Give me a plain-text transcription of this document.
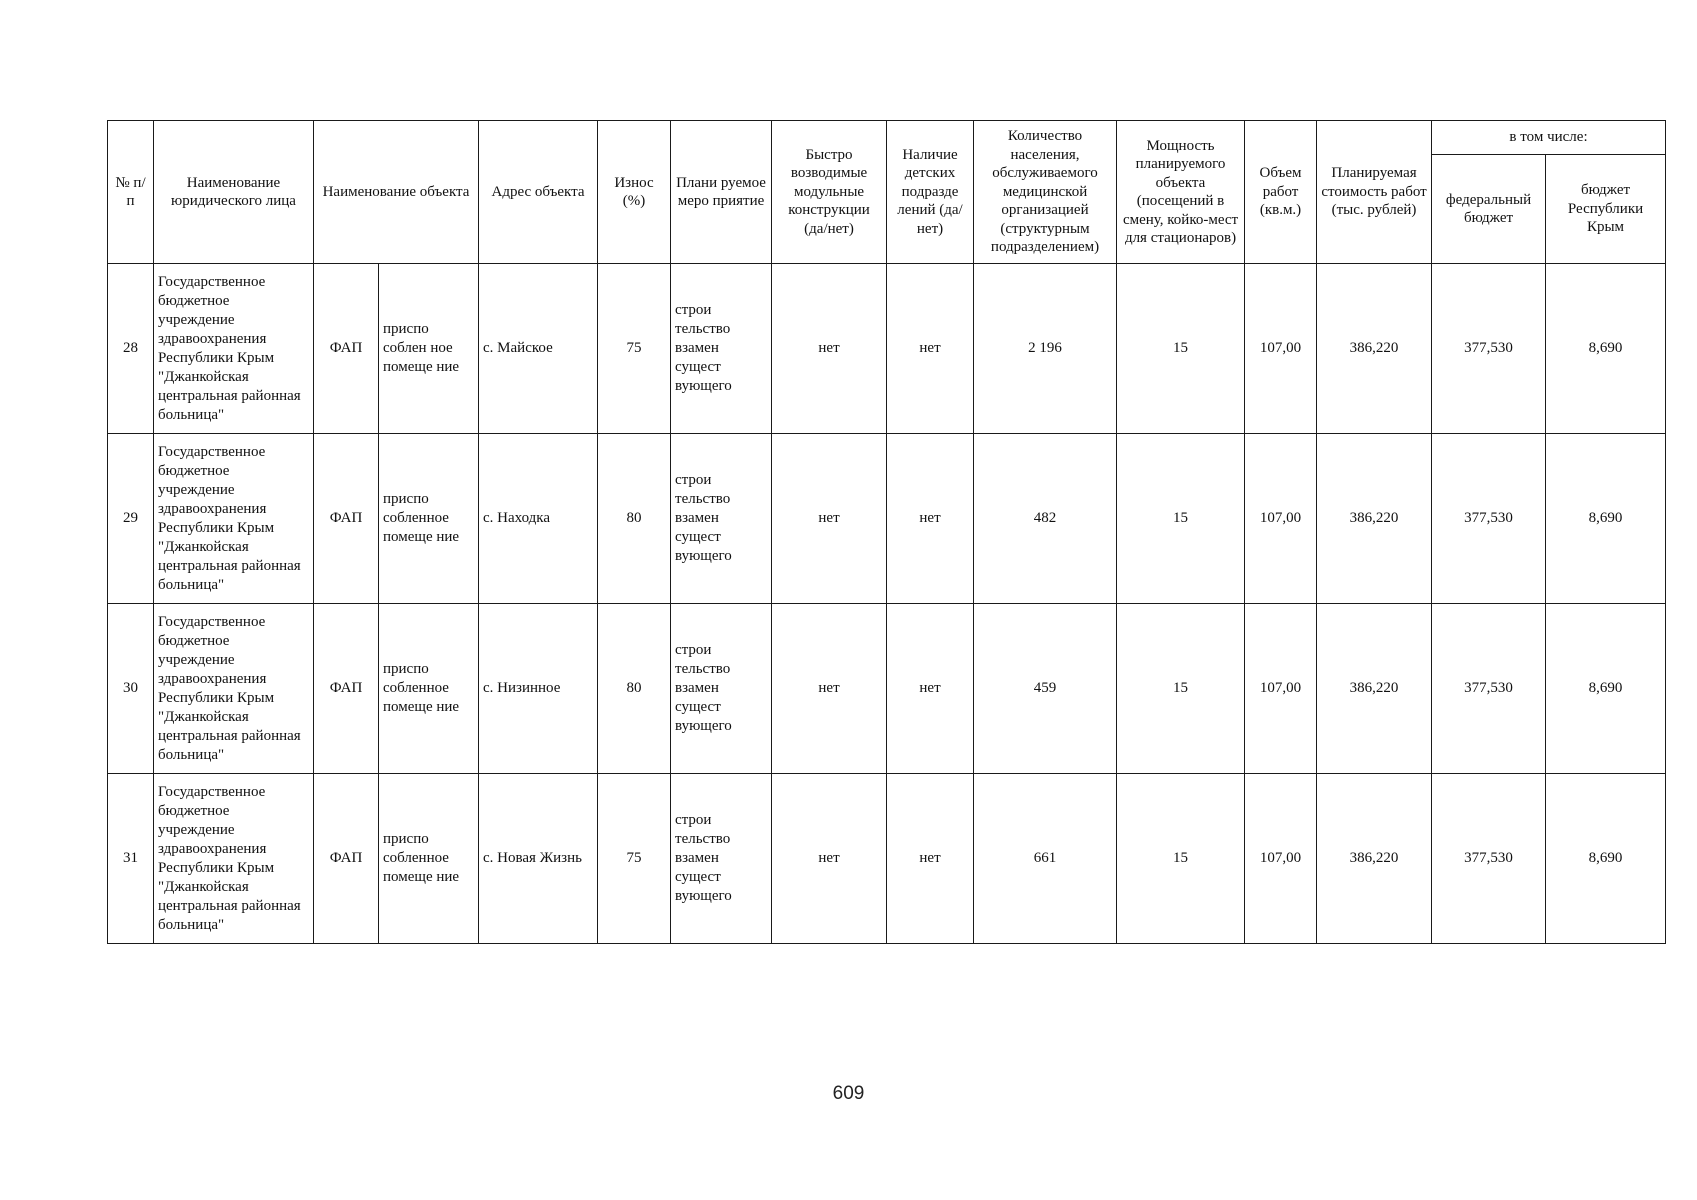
№ п/п	Наименование юридического лица	Наименование объекта		Адрес объекта	Износ (%)	Плани руемое меро приятие	Быстро возводимые модульные конструкции (да/нет)	Наличие детских подразде лений (да/нет)	Количество населения, обслуживаемого медицинской организацией (структурным подразделением)	Мощность планируемого объекта (посещений в смену, койко-мест для стационаров)	Объем работ (кв.м.)	Планируемая стоимость работ (тыс. рублей)	в том числе:	
													федеральный бюджет	бюджет Республики Крым
28	Государственное бюджетное учреждение здравоохранения Республики Крым "Джанкойская центральная районная больница"	ФАП	приспо соблен ное помеще ние	с. Майское	75	строи тельство взамен сущест вующего	нет	нет	2 196	15	107,00	386,220	377,530	8,690
29	Государственное бюджетное учреждение здравоохранения Республики Крым "Джанкойская центральная районная больница"	ФАП	приспо собленное помеще ние	с. Находка	80	строи тельство взамен сущест вующего	нет	нет	482	15	107,00	386,220	377,530	8,690
30	Государственное бюджетное учреждение здравоохранения Республики Крым "Джанкойская центральная районная больница"	ФАП	приспо собленное помеще ние	с. Низинное	80	строи тельство взамен сущест вующего	нет	нет	459	15	107,00	386,220	377,530	8,690
31	Государственное бюджетное учреждение здравоохранения Республики Крым "Джанкойская центральная районная больница"	ФАП	приспо собленное помеще ние	с. Новая Жизнь	75	строи тельство взамен сущест вующего	нет	нет	661	15	107,00	386,220	377,530	8,690
609
